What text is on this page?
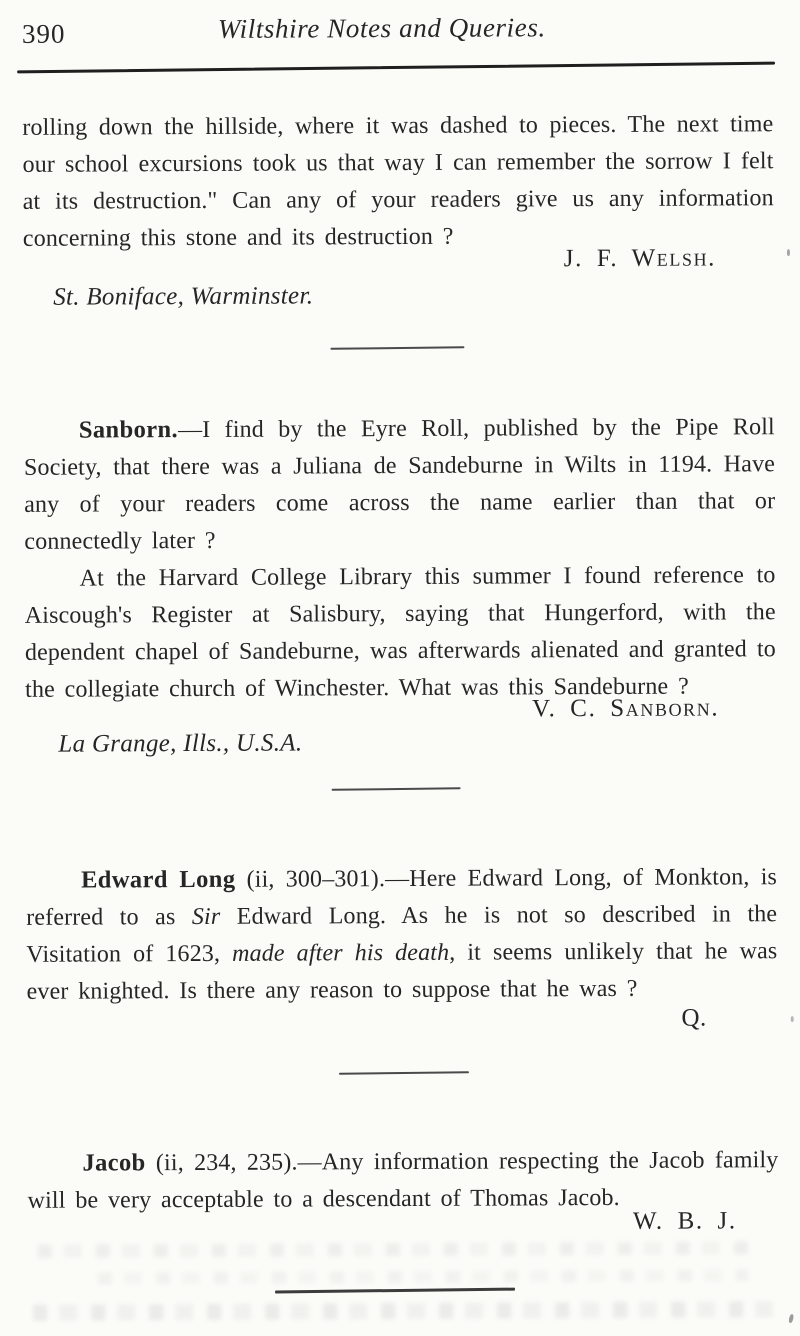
390	Wiltshire Notes and Queries.

rolling down the hillside, where it was dashed to pieces. The next time our school excursions took us that way I can remember the sorrow I felt at its destruction." Can any of your readers give us any information concerning this stone and its destruction ?

J. F. Welsh.
St. Boniface, Warminster.

Sanborn.—I find by the Eyre Roll, published by the Pipe Roll Society, that there was a Juliana de Sandeburne in Wilts in 1194. Have any of your readers come across the name earlier than that or connectedly later ?

At the Harvard College Library this summer I found reference to Aiscough's Register at Salisbury, saying that Hungerford, with the dependent chapel of Sandeburne, was afterwards alienated and granted to the collegiate church of Winchester. What was this Sandeburne ?

V. C. Sanborn.
La Grange, Ills., U.S.A.

Edward Long (ii, 300–301).—Here Edward Long, of Monkton, is referred to as Sir Edward Long. As he is not so described in the Visitation of 1623, made after his death, it seems unlikely that he was ever knighted. Is there any reason to suppose that he was ?

Q.

Jacob (ii, 234, 235).—Any information respecting the Jacob family will be very acceptable to a descendant of Thomas Jacob.

W. B. J.
